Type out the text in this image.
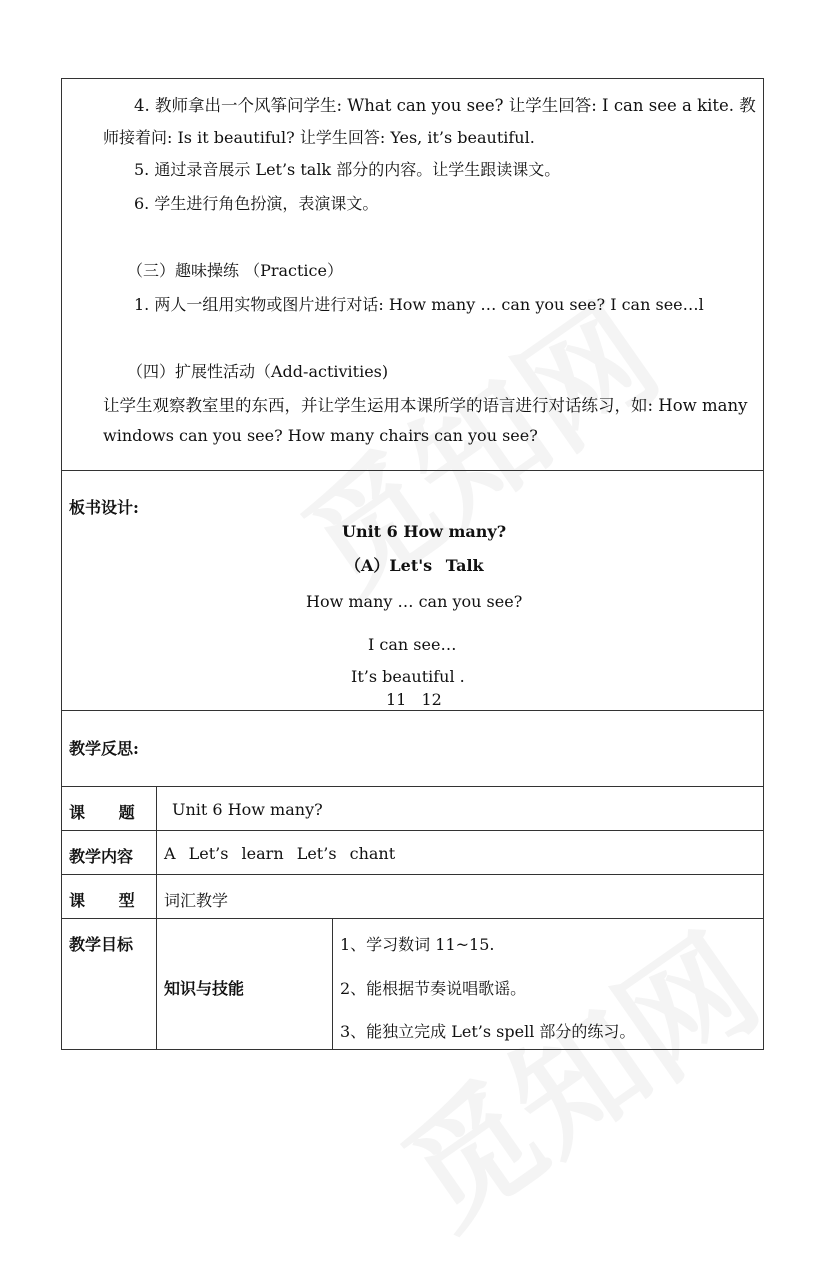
4. 教师拿出一个风筝问学生: What can you see? 让学生回答: I can see a kite. 教
师接着问: Is it beautiful? 让学生回答: Yes, it’s beautiful.
5. 通过录音展示 Let’s talk 部分的内容。让学生跟读课文。
6. 学生进行角色扮演，表演课文。
（三）趣味操练 （Practice）
1. 两人一组用实物或图片进行对话: How many … can you see? I can see…l
（四）扩展性活动（Add-activities)
让学生观察教室里的东西，并让学生运用本课所学的语言进行对话练习，如: How many
windows can you see? How many chairs can you see?
板书设计:
Unit 6 How many?
（A）Let's Talk
How many … can you see?
I can see…
It’s beautiful .
11 12
教学反思:
课 题 Unit 6 How many?
教学内容 A Let’s learn Let’s chant
课 型 词汇教学
教学目标
知识与技能
1、学习数词 11~15.
2、能根据节奏说唱歌谣。
3、能独立完成 Let’s spell 部分的练习。
